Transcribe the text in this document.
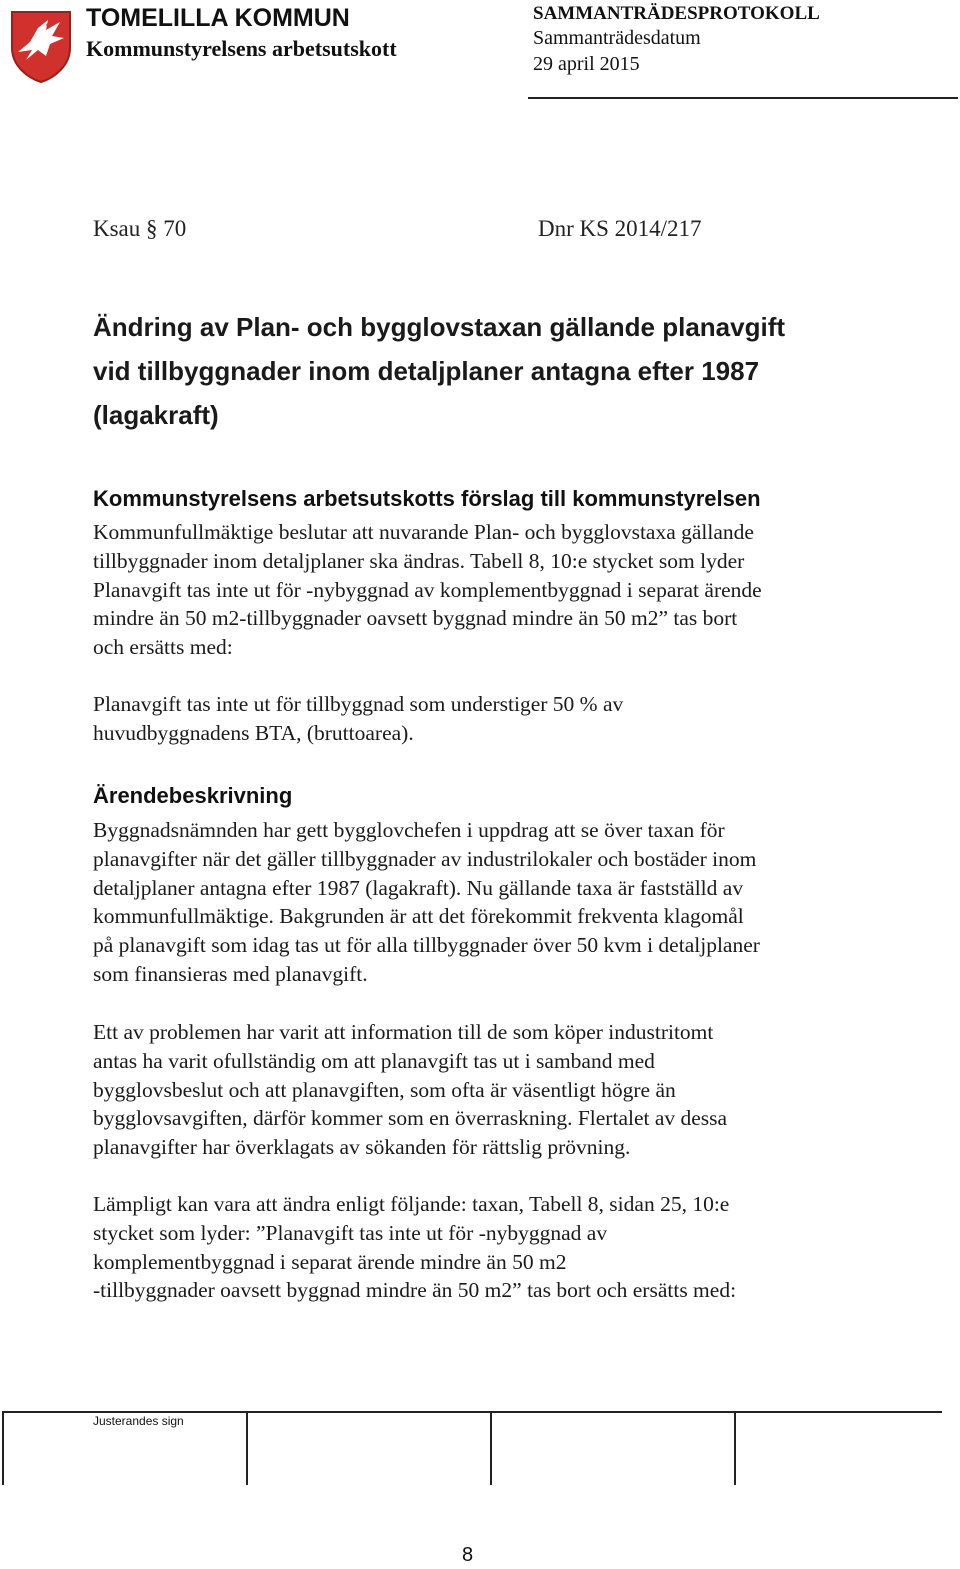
TOMELILLA KOMMUN
Kommunstyrelsens arbetsutskott
SAMMANTRÄDESPROTOKOLL
Sammanträdesdatum
29 april 2015
Ksau § 70	Dnr KS 2014/217
Ändring av Plan- och bygglovstaxan gällande planavgift
vid tillbyggnader inom detaljplaner antagna efter 1987
(lagakraft)
Kommunstyrelsens arbetsutskotts förslag till kommunstyrelsen
Kommunfullmäktige beslutar att nuvarande Plan- och bygglovstaxa gällande
tillbyggnader inom detaljplaner ska ändras. Tabell 8, 10:e stycket som lyder
Planavgift tas inte ut för -nybyggnad av komplementbyggnad i separat ärende
mindre än 50 m2-tillbyggnader oavsett byggnad mindre än 50 m2” tas bort
och ersätts med:
Planavgift tas inte ut för tillbyggnad som understiger 50 % av
huvudbyggnadens BTA, (bruttoarea).
Ärendebeskrivning
Byggnadsnämnden har gett bygglovchefen i uppdrag att se över taxan för
planavgifter när det gäller tillbyggnader av industrilokaler och bostäder inom
detaljplaner antagna efter 1987 (lagakraft). Nu gällande taxa är fastställd av
kommunfullmäktige. Bakgrunden är att det förekommit frekventa klagomål
på planavgift som idag tas ut för alla tillbyggnader över 50 kvm i detaljplaner
som finansieras med planavgift.
Ett av problemen har varit att information till de som köper industritomt
antas ha varit ofullständig om att planavgift tas ut i samband med
bygglovsbeslut och att planavgiften, som ofta är väsentligt högre än
bygglovsavgiften, därför kommer som en överraskning. Flertalet av dessa
planavgifter har överklagats av sökanden för rättslig prövning.
Lämpligt kan vara att ändra enligt följande: taxan, Tabell 8, sidan 25, 10:e
stycket som lyder: ”Planavgift tas inte ut för -nybyggnad av
komplementbyggnad i separat ärende mindre än 50 m2
-tillbyggnader oavsett byggnad mindre än 50 m2” tas bort och ersätts med:
Justerandes sign
8
